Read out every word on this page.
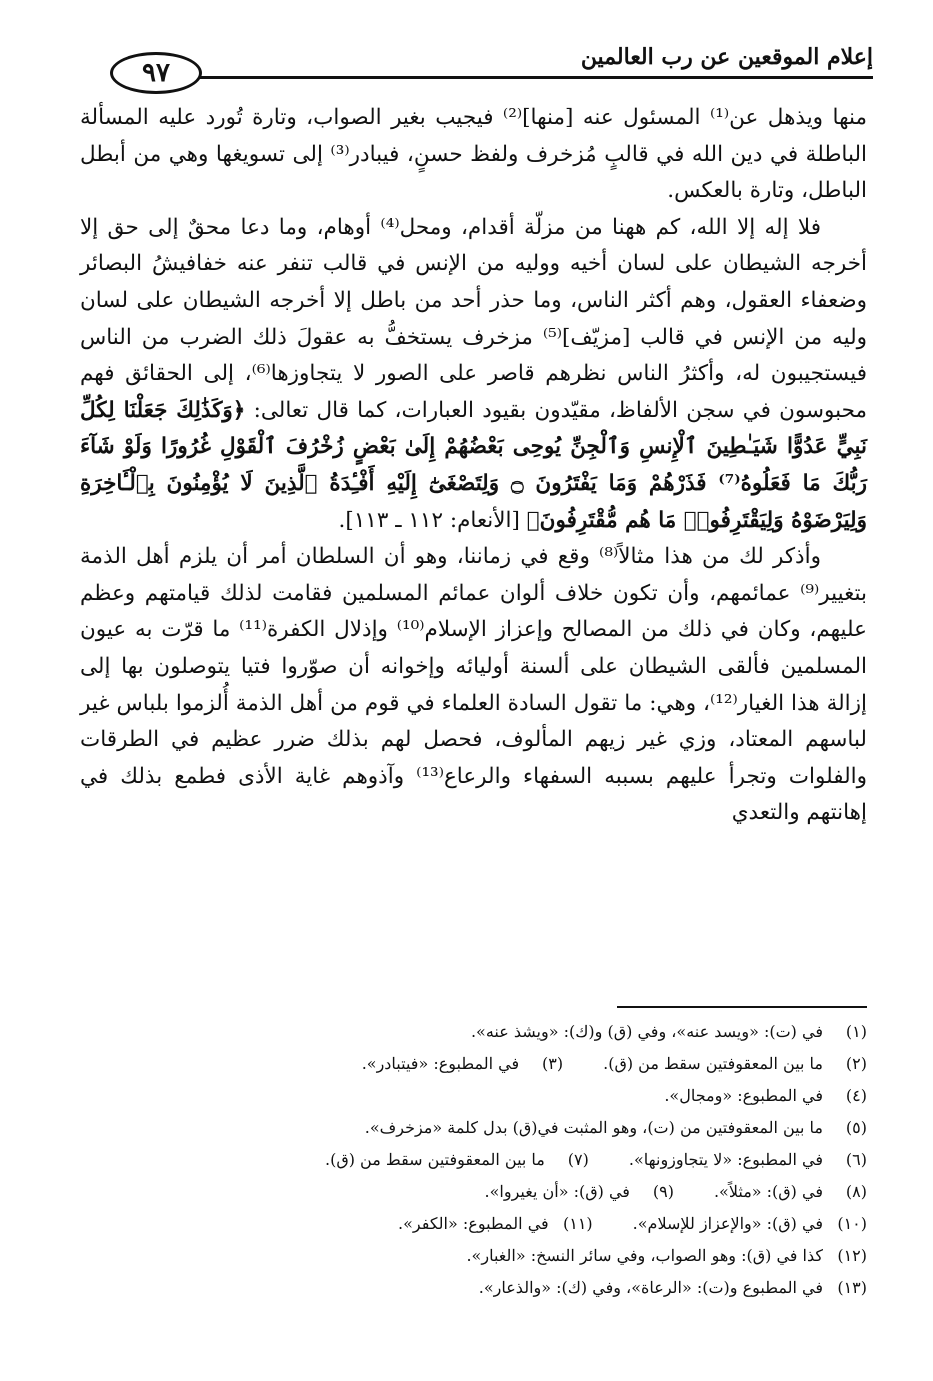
إعلام الموقعين عن رب العالمين
٩٧

منها ويذهل عن⁽¹⁾ المسئول عنه [منها]⁽²⁾ فيجيب بغير الصواب، وتارة تُورد عليه المسألة الباطلة في دين الله في قالبٍ مُزخرف ولفظ حسنٍ، فيبادر⁽³⁾ إلى تسويغها وهي من أبطل الباطل، وتارة بالعكس.

فلا إله إلا الله، كم ههنا من مزلّة أقدام، ومحل⁽⁴⁾ أوهام، وما دعا محقٌ إلى حق إلا أخرجه الشيطان على لسان أخيه ووليه من الإنس في قالب تنفر عنه خفافيشُ البصائر وضعفاء العقول، وهم أكثر الناس، وما حذر أحد من باطل إلا أخرجه الشيطان على لسان وليه من الإنس في قالب [مزيّف]⁽⁵⁾ مزخرف يستخفُّ به عقولَ ذلك الضرب من الناس فيستجيبون له، وأكثرُ الناس نظرهم قاصر على الصور لا يتجاوزها⁽⁶⁾، إلى الحقائق فهم محبوسون في سجن الألفاظ، مقيّدون بقيود العبارات، كما قال تعالى: ﴿وَكَذَٰلِكَ جَعَلْنَا لِكُلِّ نَبِيٍّ عَدُوًّا شَيَـٰطِينَ ٱلْإِنسِ وَٱلْجِنِّ يُوحِى بَعْضُهُمْ إِلَىٰ بَعْضٍ زُخْرُفَ ٱلْقَوْلِ غُرُورًا وَلَوْ شَآءَ رَبُّكَ مَا فَعَلُوهُ⁽⁷⁾ فَذَرْهُمْ وَمَا يَفْتَرُونَ ۝ وَلِتَصْغَىٰٓ إِلَيْهِ أَفْـِٔدَةُ ٱلَّذِينَ لَا يُؤْمِنُونَ بِٱلْـَٔاخِرَةِ وَلِيَرْضَوْهُ وَلِيَقْتَرِفُوا۟ مَا هُم مُّقْتَرِفُونَ﴾ [الأنعام: ١١٢ ـ ١١٣].

وأذكر لك من هذا مثالاً⁽⁸⁾ وقع في زماننا، وهو أن السلطان أمر أن يلزم أهل الذمة بتغيير⁽⁹⁾ عمائمهم، وأن تكون خلاف ألوان عمائم المسلمين فقامت لذلك قيامتهم وعظم عليهم، وكان في ذلك من المصالح وإعزاز الإسلام⁽¹⁰⁾ وإذلال الكفرة⁽¹¹⁾ ما قرّت به عيون المسلمين فألقى الشيطان على ألسنة أوليائه وإخوانه أن صوّروا فتيا يتوصلون بها إلى إزالة هذا الغيار⁽¹²⁾، وهي: ما تقول السادة العلماء في قوم من أهل الذمة أُلزموا بلباس غير لباسهم المعتاد، وزي غير زيهم المألوف، فحصل لهم بذلك ضرر عظيم في الطرقات والفلوات وتجرأ عليهم بسببه السفهاء والرعاع⁽¹³⁾ وآذوهم غاية الأذى فطمع بذلك في إهانتهم والتعدي

(١)في (ت): «ويسد عنه»، وفي (ق) و(ك): «ويشذ عنه».
(٢)ما بين المعقوفتين سقط من (ق).(٣)في المطبوع: «فيتبادر».
(٤)في المطبوع: «ومجال».
(٥)ما بين المعقوفتين من (ت)، وهو المثبت في(ق) بدل كلمة «مزخرف».
(٦)في المطبوع: «لا يتجاوزونها».(٧)ما بين المعقوفتين سقط من (ق).
(٨)في (ق): «مثلاً».(٩)في (ق): «أن يغيروا».
(١٠)في (ق): «والإعزاز للإسلام».(١١)في المطبوع: «الكفر».
(١٢)كذا في (ق): وهو الصواب، وفي سائر النسخ: «الغبار».
(١٣)في المطبوع و(ت): «الرعاة»، وفي (ك): «والذعار».
